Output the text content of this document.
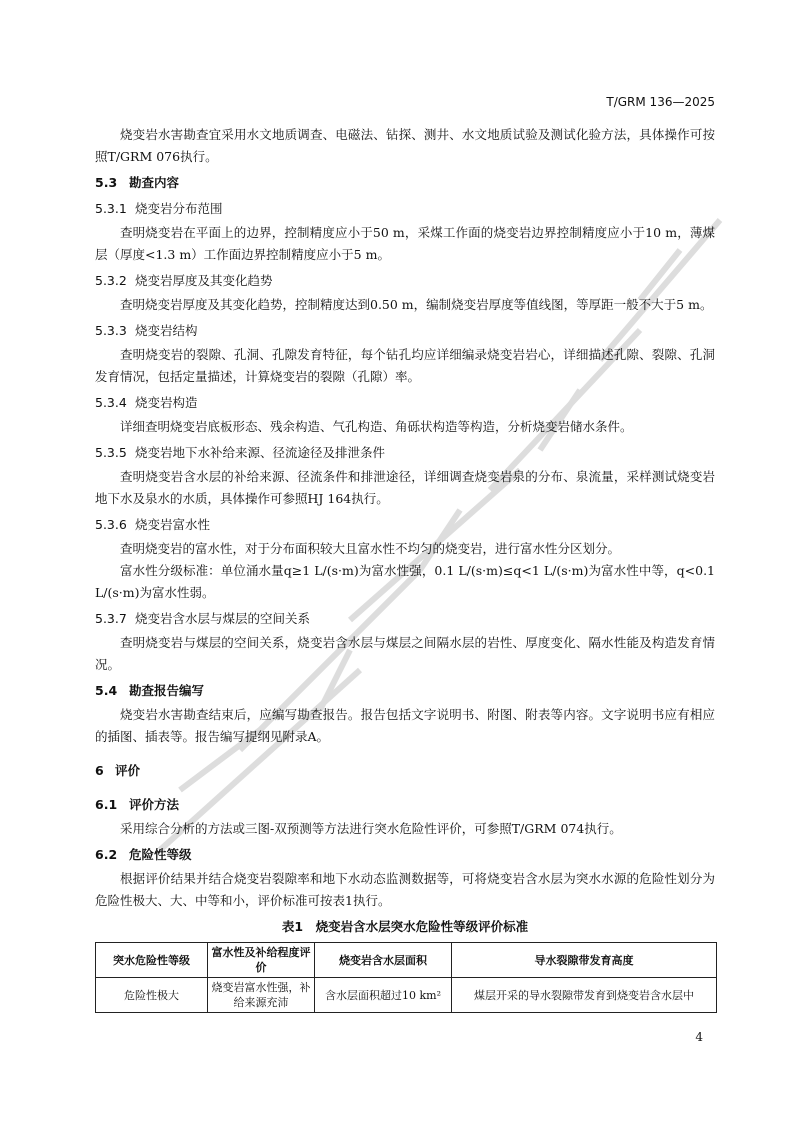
T/GRM 136—2025

烧变岩水害勘查宜采用水文地质调查、电磁法、钻探、测井、水文地质试验及测试化验方法，具体操作可按照T/GRM 076执行。

5.3 勘查内容
5.3.1 烧变岩分布范围

查明烧变岩在平面上的边界，控制精度应小于50 m，采煤工作面的烧变岩边界控制精度应小于10 m，薄煤层（厚度<1.3 m）工作面边界控制精度应小于5 m。

5.3.2 烧变岩厚度及其变化趋势

查明烧变岩厚度及其变化趋势，控制精度达到0.50 m，编制烧变岩厚度等值线图，等厚距一般不大于5 m。

5.3.3 烧变岩结构

查明烧变岩的裂隙、孔洞、孔隙发育特征，每个钻孔均应详细编录烧变岩岩心，详细描述孔隙、裂隙、孔洞发育情况，包括定量描述，计算烧变岩的裂隙（孔隙）率。

5.3.4 烧变岩构造

详细查明烧变岩底板形态、残余构造、气孔构造、角砾状构造等构造，分析烧变岩储水条件。

5.3.5 烧变岩地下水补给来源、径流途径及排泄条件

查明烧变岩含水层的补给来源、径流条件和排泄途径，详细调查烧变岩泉的分布、泉流量，采样测试烧变岩地下水及泉水的水质，具体操作可参照HJ 164执行。

5.3.6 烧变岩富水性

查明烧变岩的富水性，对于分布面积较大且富水性不均匀的烧变岩，进行富水性分区划分。

富水性分级标准：单位涌水量q≥1 L/(s·m)为富水性强，0.1 L/(s·m)≤q<1 L/(s·m)为富水性中等，q<0.1 L/(s·m)为富水性弱。

5.3.7 烧变岩含水层与煤层的空间关系

查明烧变岩与煤层的空间关系，烧变岩含水层与煤层之间隔水层的岩性、厚度变化、隔水性能及构造发育情况。

5.4 勘查报告编写

烧变岩水害勘查结束后，应编写勘查报告。报告包括文字说明书、附图、附表等内容。文字说明书应有相应的插图、插表等。报告编写提纲见附录A。

6 评价
6.1 评价方法

采用综合分析的方法或三图-双预测等方法进行突水危险性评价，可参照T/GRM 074执行。

6.2 危险性等级

根据评价结果并结合烧变岩裂隙率和地下水动态监测数据等，可将烧变岩含水层为突水水源的危险性划分为危险性极大、大、中等和小，评价标准可按表1执行。

表1　烧变岩含水层突水危险性等级评价标准
突水危险性等级	富水性及补给程度评价	烧变岩含水层面积	导水裂隙带发育高度
危险性极大	烧变岩富水性强，补给来源充沛	含水层面积超过10 km²	煤层开采的导水裂隙带发育到烧变岩含水层中
4
